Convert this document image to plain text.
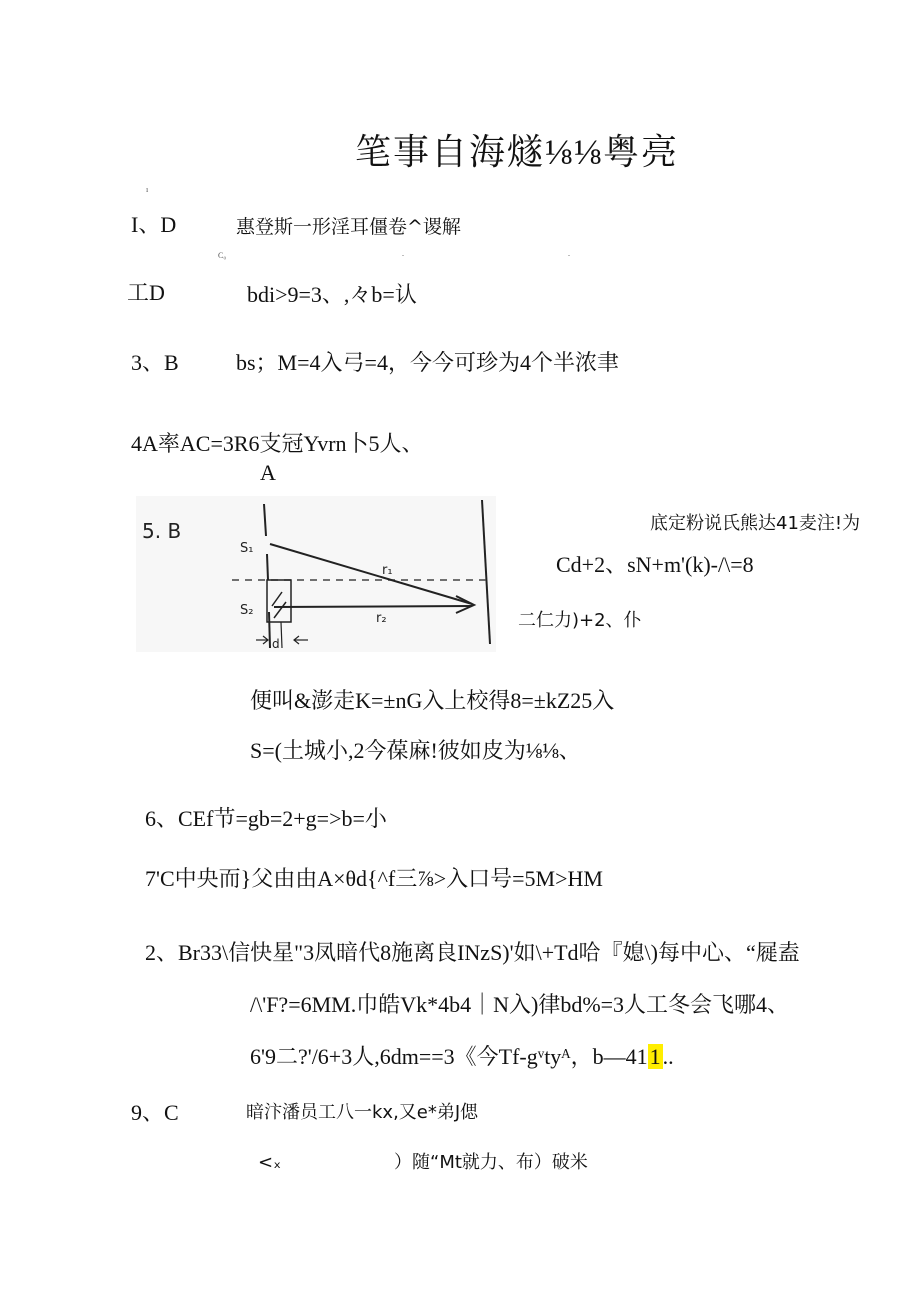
笔事自海燧⅛⅛粤亮
ı
I、D	惠登斯一形淫耳僵卷^谡解
C₀	.	.
工D	bdi>9=3、,々b=认
3、B	bs；M=4入弓=4，今今可珍为4个半浓聿
4A率AC=3R6支冠Yvrn卜5人、
A
5. B
S₁
S₂
r₁
r₂
d
底定粉说氏熊达41麦注!为
Cd+2、sN+m'(k)-/\=8
二仁力)+2、仆
便叫&澎走K=±nG入上校得8=±kZ25入
S=(土城小,2今葆麻!彼如皮为⅛⅛、
6、CEf节=gb=2+g=>b=小
7'C中央而}父由由A×θd{^f三⅞>入口号=5M>HM
2、Br33\信快星"3凤暗代8施离良INzS)'如\+Td哈『媳\)每中心、“屣盍
/\'F?=6MM.巾皓Vk*4b4｜N入)律bd%=3人工冬会飞哪4、
6'9二?'/6+3人,6dm==3《今Tf-gᵛtyᴬ，b—411..
9、C	暗汴潘员工八一kx,又e*弟J偲
<ₓ	）随“Mt就力、布）破米
